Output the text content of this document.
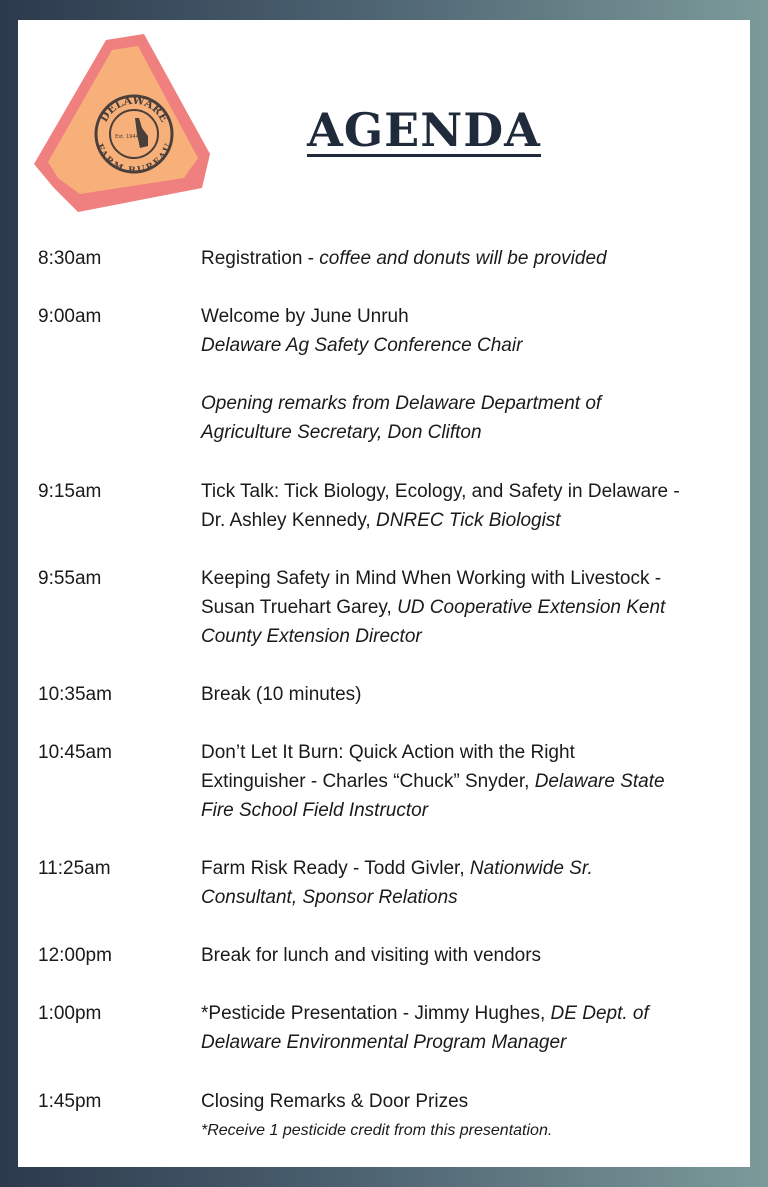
DELAWARE
FARM BUREAU
Est. 1944	AGENDA
8:30am	Registration - coffee and donuts will be provided
9:00am	Welcome by June Unruh
Delaware Ag Safety Conference Chair

Opening remarks from Delaware Department of
Agriculture Secretary, Don Clifton
9:15am	Tick Talk: Tick Biology, Ecology, and Safety in Delaware -
Dr. Ashley Kennedy, DNREC Tick Biologist
9:55am	Keeping Safety in Mind When Working with Livestock -
Susan Truehart Garey, UD Cooperative Extension Kent
County Extension Director
10:35am	Break (10 minutes)
10:45am	Don’t Let It Burn: Quick Action with the Right
Extinguisher - Charles “Chuck” Snyder, Delaware State
Fire School Field Instructor
11:25am	Farm Risk Ready - Todd Givler, Nationwide Sr.
Consultant, Sponsor Relations
12:00pm	Break for lunch and visiting with vendors
1:00pm	*Pesticide Presentation - Jimmy Hughes, DE Dept. of
Delaware Environmental Program Manager
1:45pm	Closing Remarks & Door Prizes
*Receive 1 pesticide credit from this presentation.
